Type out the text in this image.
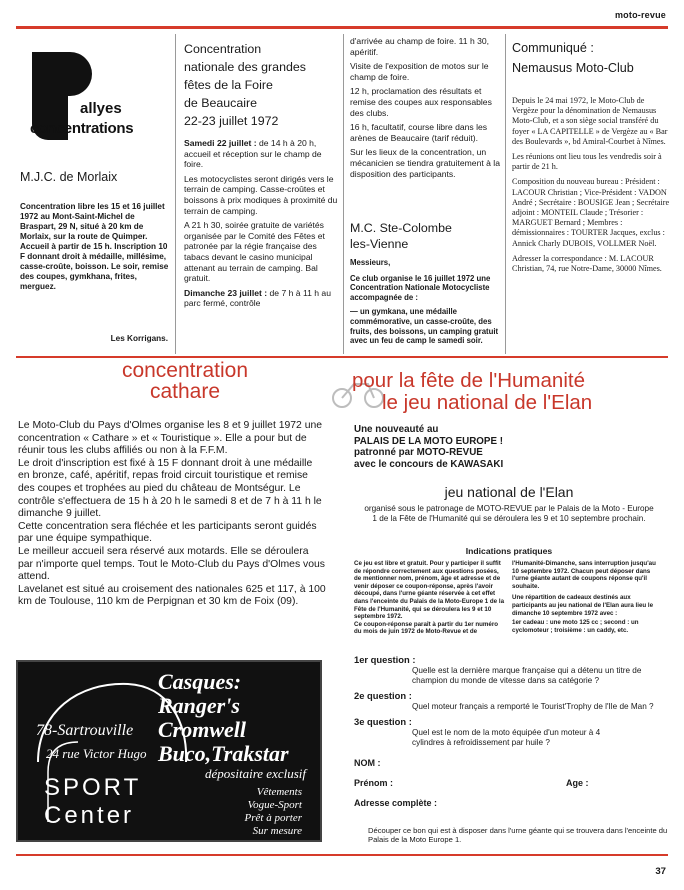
moto-revue
allyes
concentrations
M.J.C. de Morlaix
Concentration libre les 15 et 16 juillet 1972 au Mont-Saint-Michel de Braspart, 29 N, situé à 20 km de Morlaix, sur la route de Quimper. Accueil à partir de 15 h. Inscription 10 F donnant droit à médaille, millésime, casse-croûte, boisson. Le soir, remise des coupes, gymkhana, frites, merguez.
Les Korrigans.
Concentration
nationale des grandes
fêtes de la Foire
de Beaucaire
22-23 juillet 1972

Samedi 22 juillet : de 14 h à 20 h, accueil et réception sur le champ de foire.

Les motocyclistes seront dirigés vers le terrain de camping. Casse-croûtes et boissons à prix modiques à proximité du terrain de camping.

A 21 h 30, soirée gratuite de variétés organisée par le Comité des Fêtes et patronée par la régie française des tabacs devant le casino municipal attenant au terrain de camping. Bal gratuit.

Dimanche 23 juillet : de 7 h à 11 h au parc fermé, contrôle

d'arrivée au champ de foire. 11 h 30, apéritif.

Visite de l'exposition de motos sur le champ de foire.

12 h, proclamation des résultats et remise des coupes aux responsables des clubs.

16 h, facultatif, course libre dans les arènes de Beaucaire (tarif réduit).

Sur les lieux de la concentration, un mécanicien se tiendra gratuitement à la disposition des participants.

M.C. Ste-Colombe
les-Vienne

Messieurs,

Ce club organise le 16 juillet 1972 une Concentration Nationale Motocycliste accompagnée de :

— un gymkana, une médaille commémorative, un casse-croûte, des fruits, des boissons, un camping gratuit avec un feu de camp le samedi soir.

Communiqué :
Nemausus Moto-Club

Depuis le 24 mai 1972, le Moto-Club de Vergèze pour la dénomination de Nemausus Moto-Club, et a son siège social transféré du foyer « LA CAPITELLE » de Vergèze au « Bar des Boulevards », bd Amiral-Courbet à Nîmes.

Les réunions ont lieu tous les vendredis soir à partir de 21 h.

Composition du nouveau bureau : Président : LACOUR Christian ; Vice-Président : VADON André ; Secrétaire : BOUSIGE Jean ; Secrétaire adjoint : MONTEIL Claude ; Trésorier : MARGUET Bernard ; Membres : démissionnaires : TOURTER Jacques, exclus : Annick Charly DUBOIS, VOLLMER Noël.

Adresser la correspondance : M. LACOUR Christian, 74, rue Notre-Dame, 30000 Nîmes.

concentration
cathare

Le Moto-Club du Pays d'Olmes organise les 8 et 9 juillet 1972 une concentration « Cathare » et « Touristique ». Elle a pour but de réunir tous les clubs affiliés ou non à la F.F.M.

Le droit d'inscription est fixé à 15 F donnant droit à une médaille en bronze, café, apéritif, repas froid circuit touristique et remise des coupes et trophées au pied du château de Montségur. Le contrôle s'effectuera de 15 h à 20 h le samedi 8 et de 7 h à 11 h le dimanche 9 juillet.

Cette concentration sera fléchée et les participants seront guidés par une équipe sympathique.

Le meilleur accueil sera réservé aux motards. Elle se déroulera par n'importe quel temps. Tout le Moto-Club du Pays d'Olmes vous attend.

Lavelanet est situé au croisement des nationales 625 et 117, à 100 km de Toulouse, 110 km de Perpignan et 30 km de Foix (09).

Casques:
Ranger's
Cromwell
Buco,Trakstar
78-Sartrouville
24 rue Victor Hugo
SPORT
Center
dépositaire exclusif
Vêtements
Vogue-Sport
Prêt à porter
Sur mesure
pour la fête de l'Humanité
le jeu national de l'Elan
Une nouveauté au
PALAIS DE LA MOTO EUROPE !
patronné par MOTO-REVUE
avec le concours de KAWASAKI
jeu national de l'Elan
organisé sous le patronage de MOTO-REVUE par le Palais de la Moto - Europe 1 de la Fête de l'Humanité qui se déroulera les 9 et 10 septembre prochain.
Indications pratiques

Ce jeu est libre et gratuit. Pour y participer il suffit de répondre correctement aux questions posées, de mentionner nom, prénom, âge et adresse et de venir déposer ce coupon-réponse, après l'avoir découpé, dans l'urne géante réservée à cet effet dans l'enceinte du Palais de la Moto-Europe 1 de la Fête de l'Humanité, qui se déroulera les 9 et 10 septembre 1972.

Ce coupon-réponse paraît à partir du 1er numéro du mois de juin 1972 de Moto-Revue et de

l'Humanité-Dimanche, sans interruption jusqu'au 10 septembre 1972. Chacun peut déposer dans l'urne géante autant de coupons réponse qu'il souhaite.

Une répartition de cadeaux destinés aux participants au jeu national de l'Elan aura lieu le dimanche 10 septembre 1972 avec :

1er cadeau : une moto 125 cc ; second : un cyclomoteur ; troisième : un caddy, etc.

1er question :
Quelle est la dernière marque française qui a détenu un titre de champion du monde de vitesse dans sa catégorie ?
2e question :
Quel moteur français a remporté le Tourist'Trophy de l'Ile de Man ?
3e question :
Quel est le nom de la moto équipée d'un moteur à 4 cylindres à refroidissement par huile ?
NOM :
Prénom :	Age :
Adresse complète :
Découper ce bon qui est à disposer dans l'urne géante qui se trouvera dans l'enceinte du Palais de la Moto Europe 1.
37
